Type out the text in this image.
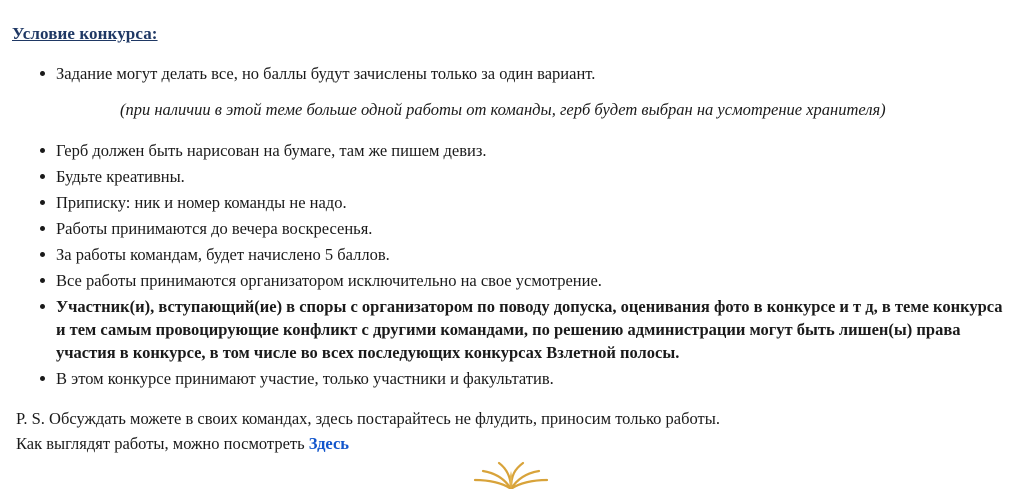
Условие конкурса:
Задание могут делать все, но баллы будут зачислены только за один вариант.
(при наличии в этой теме больше одной работы от команды, герб будет выбран на усмотрение хранителя)
Герб должен быть нарисован на бумаге, там же пишем девиз.
Будьте креативны.
Приписку: ник и номер команды не надо.
Работы принимаются до вечера воскресенья.
За работы командам, будет начислено 5 баллов.
Все работы принимаются организатором исключительно на свое усмотрение.
Участник(и), вступающий(ие) в споры с организатором по поводу допуска, оценивания фото в конкурсе и т д, в теме конкурса и тем самым провоцирующие конфликт с другими командами, по решению администрации могут быть лишен(ы) права участия в конкурсе, в том числе во всех последующих конкурсах Взлетной полосы.
В этом конкурсе принимают участие, только участники и факультатив.
P. S. Обсуждать можете в своих командах, здесь постарайтесь не флудить, приносим только работы.
Как выглядят работы, можно посмотреть Здесь
